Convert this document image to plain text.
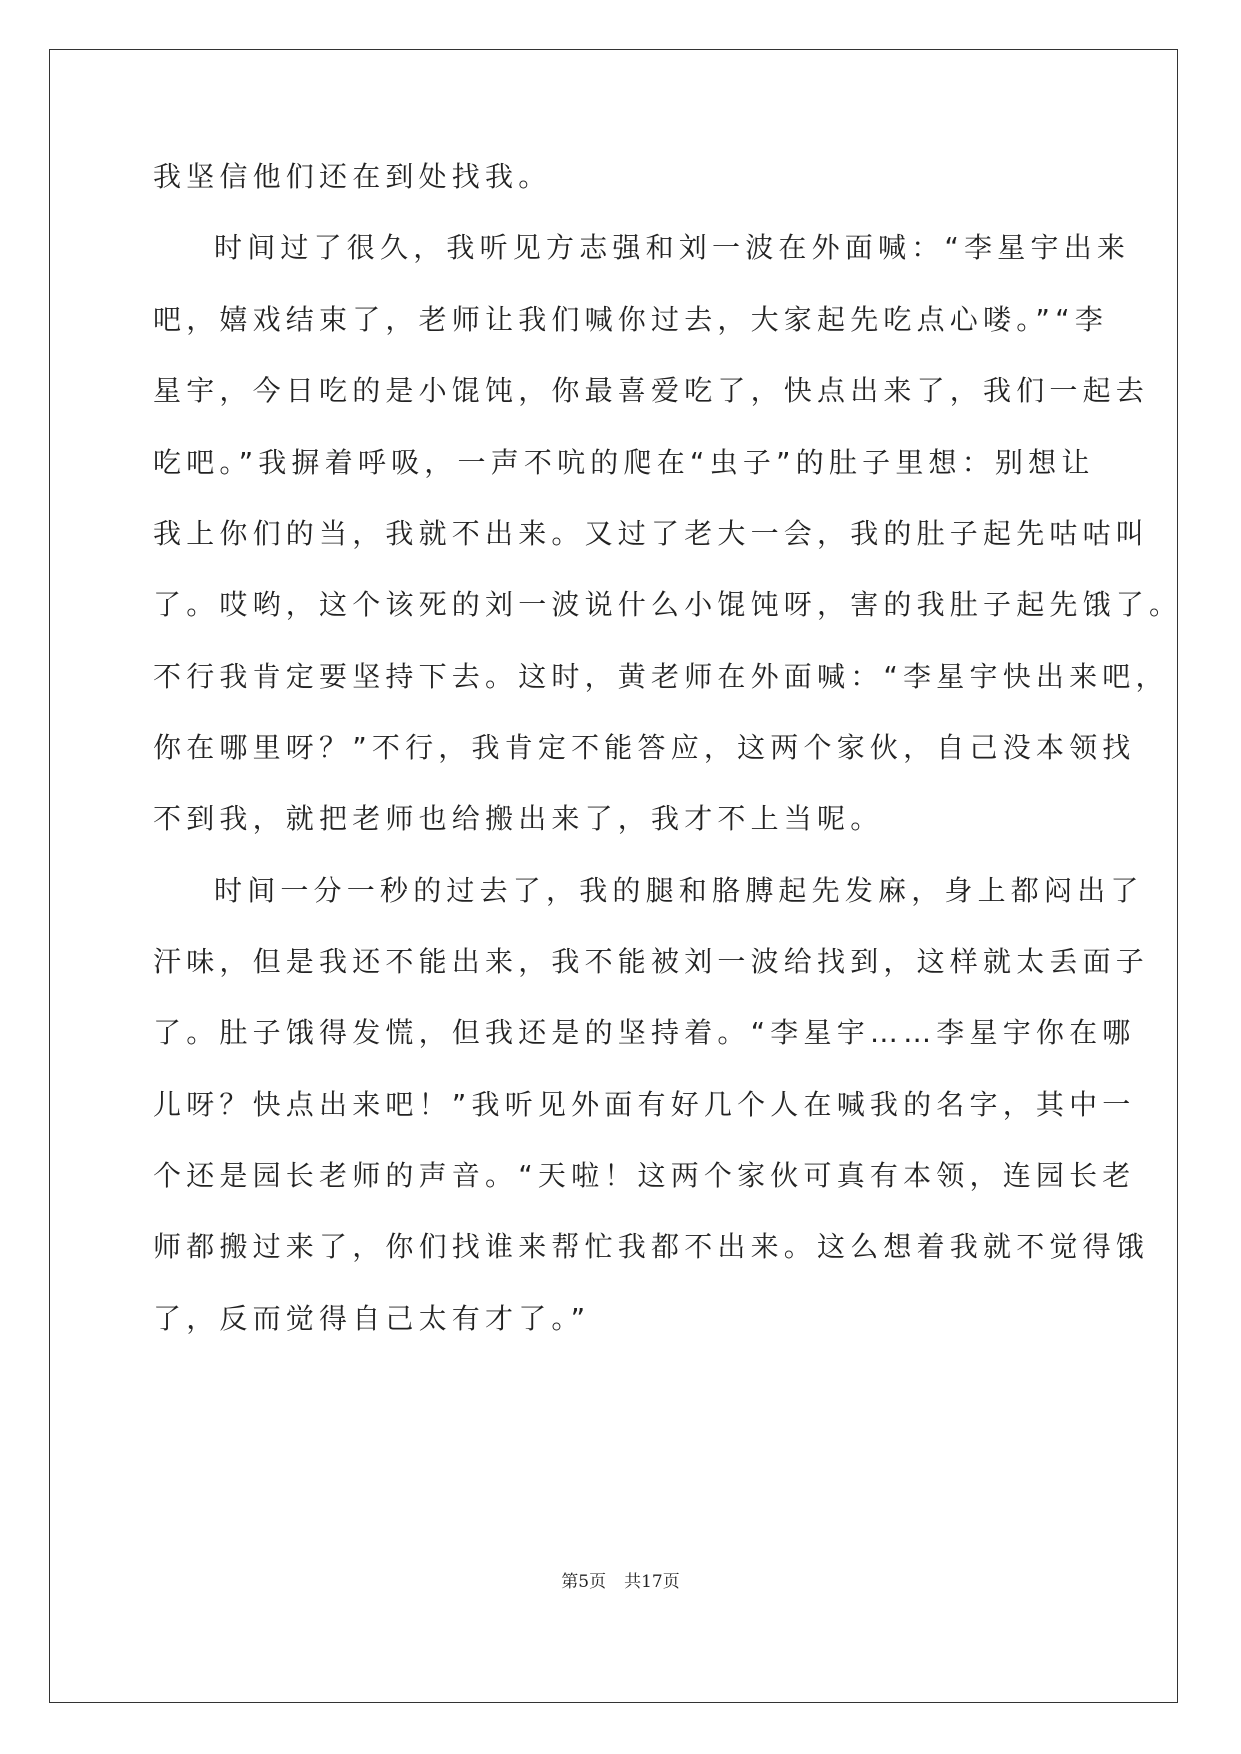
我坚信他们还在到处找我。
时间过了很久，我听见方志强和刘一波在外面喊：“李星宇出来
吧，嬉戏结束了，老师让我们喊你过去，大家起先吃点心喽。”“李
星宇，今日吃的是小馄饨，你最喜爱吃了，快点出来了，我们一起去
吃吧。”我摒着呼吸，一声不吭的爬在“虫子”的肚子里想：别想让
我上你们的当，我就不出来。又过了老大一会，我的肚子起先咕咕叫
了。哎哟，这个该死的刘一波说什么小馄饨呀，害的我肚子起先饿了。
不行我肯定要坚持下去。这时，黄老师在外面喊：“李星宇快出来吧，
你在哪里呀？”不行，我肯定不能答应，这两个家伙，自己没本领找
不到我，就把老师也给搬出来了，我才不上当呢。
时间一分一秒的过去了，我的腿和胳膊起先发麻，身上都闷出了
汗味，但是我还不能出来，我不能被刘一波给找到，这样就太丢面子
了。肚子饿得发慌，但我还是的坚持着。“李星宇……李星宇你在哪
儿呀？快点出来吧！”我听见外面有好几个人在喊我的名字，其中一
个还是园长老师的声音。“天啦！这两个家伙可真有本领，连园长老
师都搬过来了，你们找谁来帮忙我都不出来。这么想着我就不觉得饿
了，反而觉得自己太有才了。”
第5页 共17页
